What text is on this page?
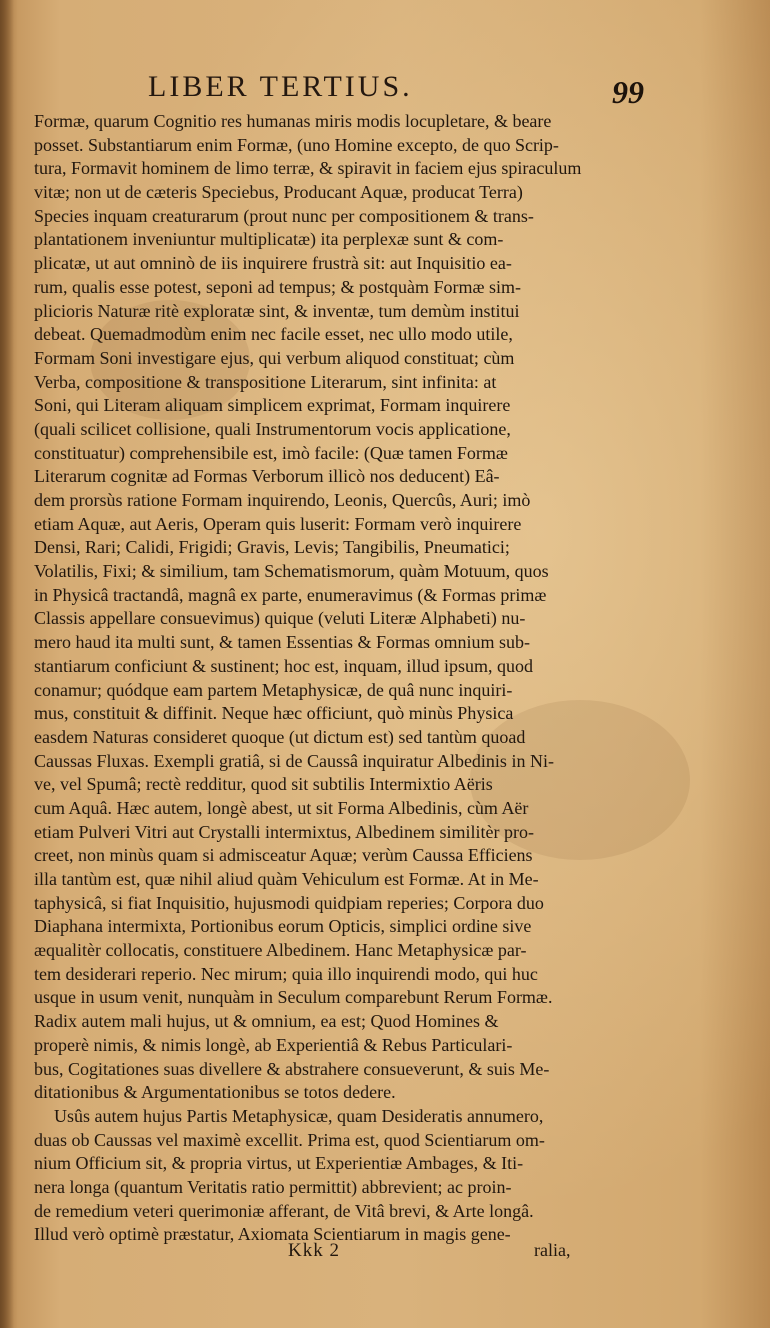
LIBER TERTIUS.	99
Formæ, quarum Cognitio res humanas miris modis locupletare, & beare
posset. Substantiarum enim Formæ, (uno Homine excepto, de quo Scrip-
tura, Formavit hominem de limo terræ, & spiravit in faciem ejus spiraculum
vitæ; non ut de cæteris Speciebus, Producant Aquæ, producat Terra)
Species inquam creaturarum (prout nunc per compositionem & trans-
plantationem inveniuntur multiplicatæ) ita perplexæ sunt & com-
plicatæ, ut aut omninò de iis inquirere frustrà sit: aut Inquisitio ea-
rum, qualis esse potest, seponi ad tempus; & postquàm Formæ sim-
plicioris Naturæ ritè exploratæ sint, & inventæ, tum demùm institui
debeat. Quemadmodùm enim nec facile esset, nec ullo modo utile,
Formam Soni investigare ejus, qui verbum aliquod constituat; cùm
Verba, compositione & transpositione Literarum, sint infinita: at
Soni, qui Literam aliquam simplicem exprimat, Formam inquirere
(quali scilicet collisione, quali Instrumentorum vocis applicatione,
constituatur) comprehensibile est, imò facile: (Quæ tamen Formæ
Literarum cognitæ ad Formas Verborum illicò nos deducent) Eâ-
dem prorsùs ratione Formam inquirendo, Leonis, Quercûs, Auri; imò
etiam Aquæ, aut Aeris, Operam quis luserit: Formam verò inquirere
Densi, Rari; Calidi, Frigidi; Gravis, Levis; Tangibilis, Pneumatici;
Volatilis, Fixi; & similium, tam Schematismorum, quàm Motuum, quos
in Physicâ tractandâ, magnâ ex parte, enumeravimus (& Formas primæ
Classis appellare consuevimus) quique (veluti Literæ Alphabeti) nu-
mero haud ita multi sunt, & tamen Essentias & Formas omnium sub-
stantiarum conficiunt & sustinent; hoc est, inquam, illud ipsum, quod
conamur; quódque eam partem Metaphysicæ, de quâ nunc inquiri-
mus, constituit & diffinit. Neque hæc officiunt, quò minùs Physica
easdem Naturas consideret quoque (ut dictum est) sed tantùm quoad
Caussas Fluxas. Exempli gratiâ, si de Caussâ inquiratur Albedinis in Ni-
ve, vel Spumâ; rectè redditur, quod sit subtilis Intermixtio Aëris
cum Aquâ. Hæc autem, longè abest, ut sit Forma Albedinis, cùm Aër
etiam Pulveri Vitri aut Crystalli intermixtus, Albedinem similitèr pro-
creet, non minùs quam si admisceatur Aquæ; verùm Caussa Efficiens
illa tantùm est, quæ nihil aliud quàm Vehiculum est Formæ. At in Me-
taphysicâ, si fiat Inquisitio, hujusmodi quidpiam reperies; Corpora duo
Diaphana intermixta, Portionibus eorum Opticis, simplici ordine sive
æqualitèr collocatis, constituere Albedinem. Hanc Metaphysicæ par-
tem desiderari reperio. Nec mirum; quia illo inquirendi modo, qui huc
usque in usum venit, nunquàm in Seculum comparebunt Rerum Formæ.
Radix autem mali hujus, ut & omnium, ea est; Quod Homines &
properè nimis, & nimis longè, ab Experientiâ & Rebus Particulari-
bus, Cogitationes suas divellere & abstrahere consueverunt, & suis Me-
ditationibus & Argumentationibus se totos dedere.
Usûs autem hujus Partis Metaphysicæ, quam Desideratis annumero,
duas ob Caussas vel maximè excellit. Prima est, quod Scientiarum om-
nium Officium sit, & propria virtus, ut Experientiæ Ambages, & Iti-
nera longa (quantum Veritatis ratio permittit) abbrevient; ac proin-
de remedium veteri querimoniæ afferant, de Vitâ brevi, & Arte longâ.
Illud verò optimè præstatur, Axiomata Scientiarum in magis gene-
Kkk 2	ralia,
